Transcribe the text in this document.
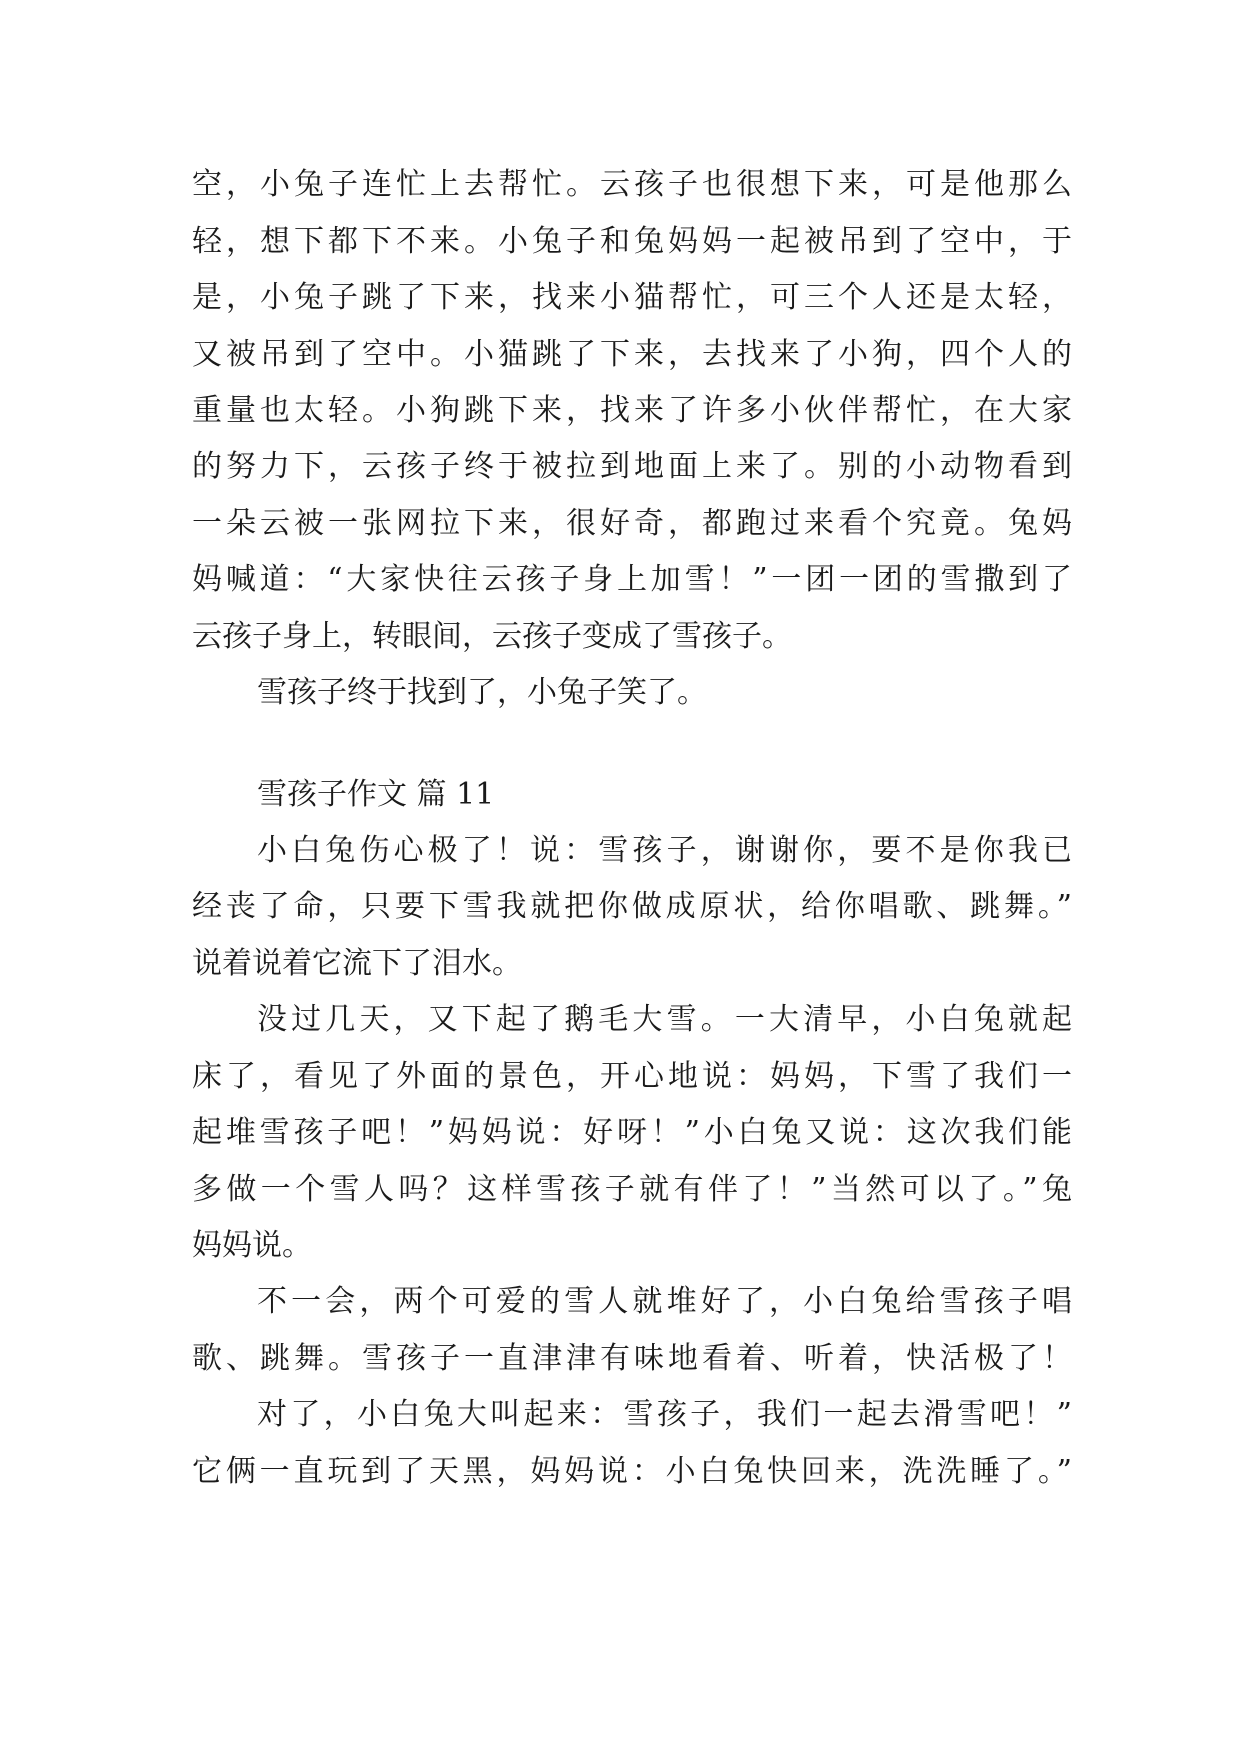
空，小兔子连忙上去帮忙。云孩子也很想下来，可是他那么
轻，想下都下不来。小兔子和兔妈妈一起被吊到了空中，于
是，小兔子跳了下来，找来小猫帮忙，可三个人还是太轻，
又被吊到了空中。小猫跳了下来，去找来了小狗，四个人的
重量也太轻。小狗跳下来，找来了许多小伙伴帮忙，在大家
的努力下，云孩子终于被拉到地面上来了。别的小动物看到
一朵云被一张网拉下来，很好奇，都跑过来看个究竟。兔妈
妈喊道：“大家快往云孩子身上加雪！”一团一团的雪撒到了
云孩子身上，转眼间，云孩子变成了雪孩子。
雪孩子终于找到了，小兔子笑了。
雪孩子作文 篇 11
小白兔伤心极了！说：雪孩子，谢谢你，要不是你我已
经丧了命，只要下雪我就把你做成原状，给你唱歌、跳舞。”
说着说着它流下了泪水。
没过几天，又下起了鹅毛大雪。一大清早，小白兔就起
床了，看见了外面的景色，开心地说：妈妈，下雪了我们一
起堆雪孩子吧！”妈妈说：好呀！”小白兔又说：这次我们能
多做一个雪人吗？这样雪孩子就有伴了！”当然可以了。”兔
妈妈说。
不一会，两个可爱的雪人就堆好了，小白兔给雪孩子唱
歌、跳舞。雪孩子一直津津有味地看着、听着，快活极了！
对了，小白兔大叫起来：雪孩子，我们一起去滑雪吧！”
它俩一直玩到了天黑，妈妈说：小白兔快回来，洗洗睡了。”
